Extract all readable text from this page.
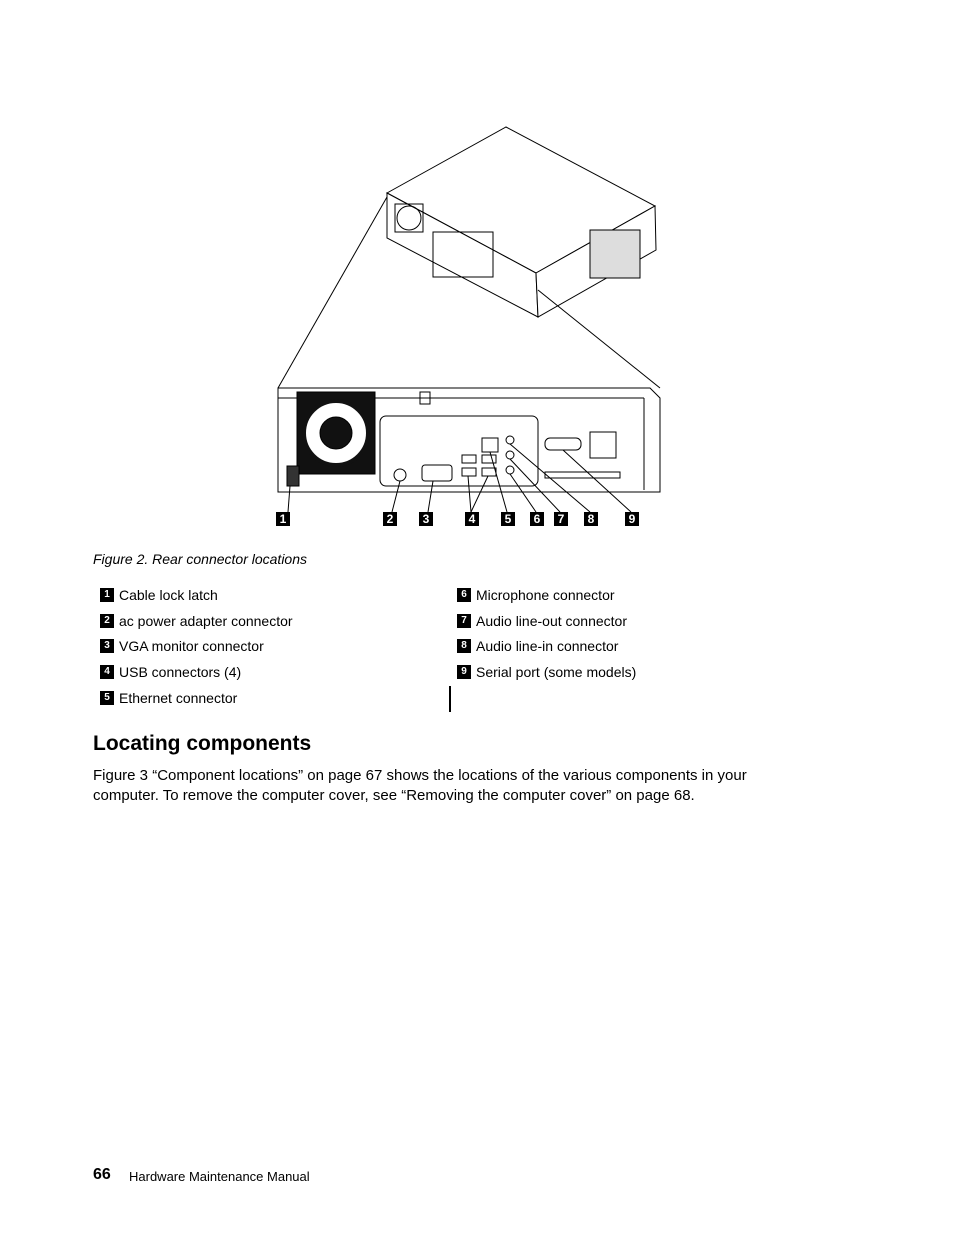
1	2	3	4	5	6	7	8	9
Figure 2. Rear connector locations
1 Cable lock latch
2 ac power adapter connector
3 VGA monitor connector
4 USB connectors (4)
5 Ethernet connector
6 Microphone connector
7 Audio line-out connector
8 Audio line-in connector
9 Serial port (some models)
Locating components
Figure 3 “Component locations” on page 67 shows the locations of the various components in your computer. To remove the computer cover, see “Removing the computer cover” on page 68.
66 Hardware Maintenance Manual
